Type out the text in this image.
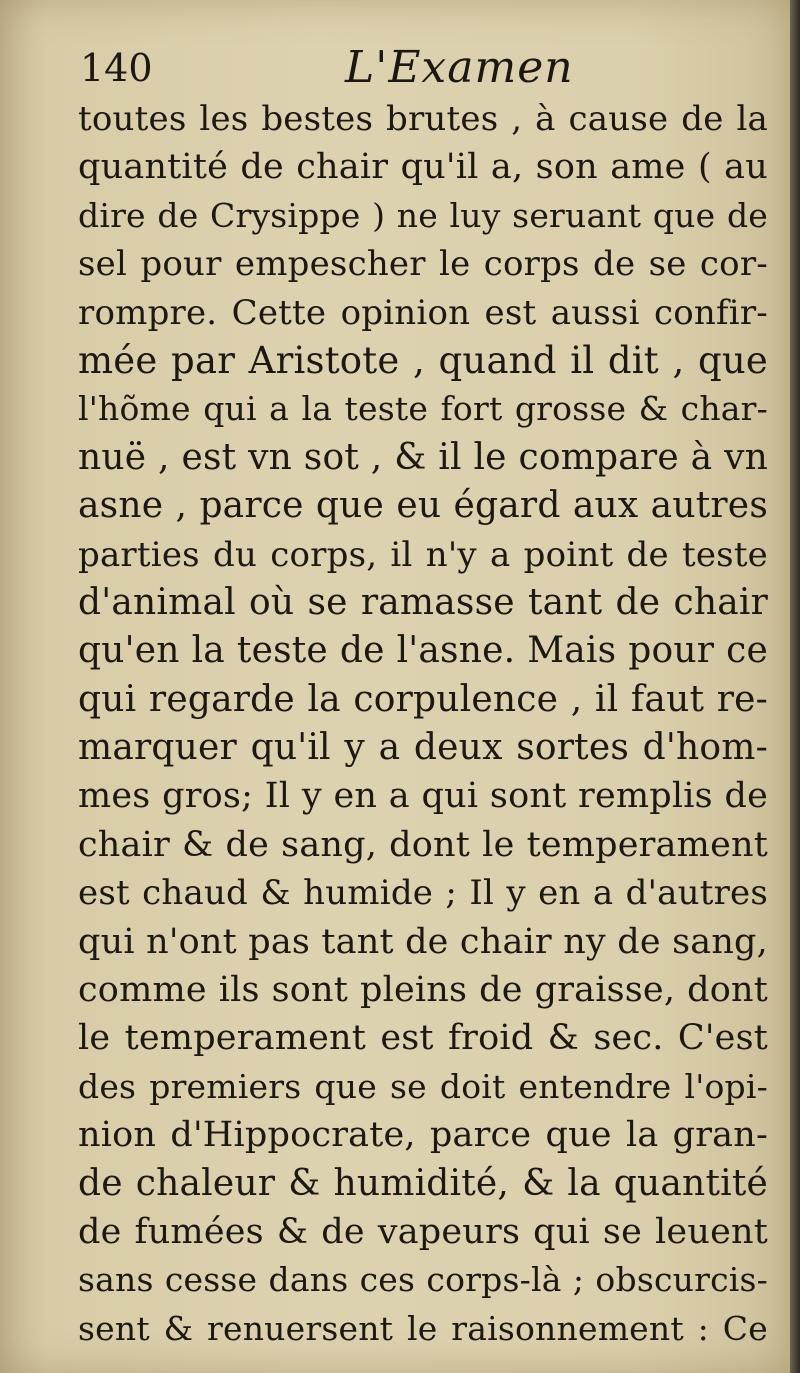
140	L'Examen
toutes les bestes brutes , à cause de la
quantité de chair qu'il a, son ame ( au
dire de Crysippe ) ne luy seruant que de
sel pour empescher le corps de se cor-
rompre. Cette opinion est aussi confir-
mée par Aristote , quand il dit , que
l'hõme qui a la teste fort grosse & char-
nuë , est vn sot , & il le compare à vn
asne , parce que eu égard aux autres
parties du corps, il n'y a point de teste
d'animal où se ramasse tant de chair
qu'en la teste de l'asne. Mais pour ce
qui regarde la corpulence , il faut re-
marquer qu'il y a deux sortes d'hom-
mes gros; Il y en a qui sont remplis de
chair & de sang, dont le temperament
est chaud & humide ; Il y en a d'autres
qui n'ont pas tant de chair ny de sang,
comme ils sont pleins de graisse, dont
le temperament est froid & sec. C'est
des premiers que se doit entendre l'opi-
nion d'Hippocrate, parce que la gran-
de chaleur & humidité, & la quantité
de fumées & de vapeurs qui se leuent
sans cesse dans ces corps-là ; obscurcis-
sent & renuersent le raisonnement : Ce
